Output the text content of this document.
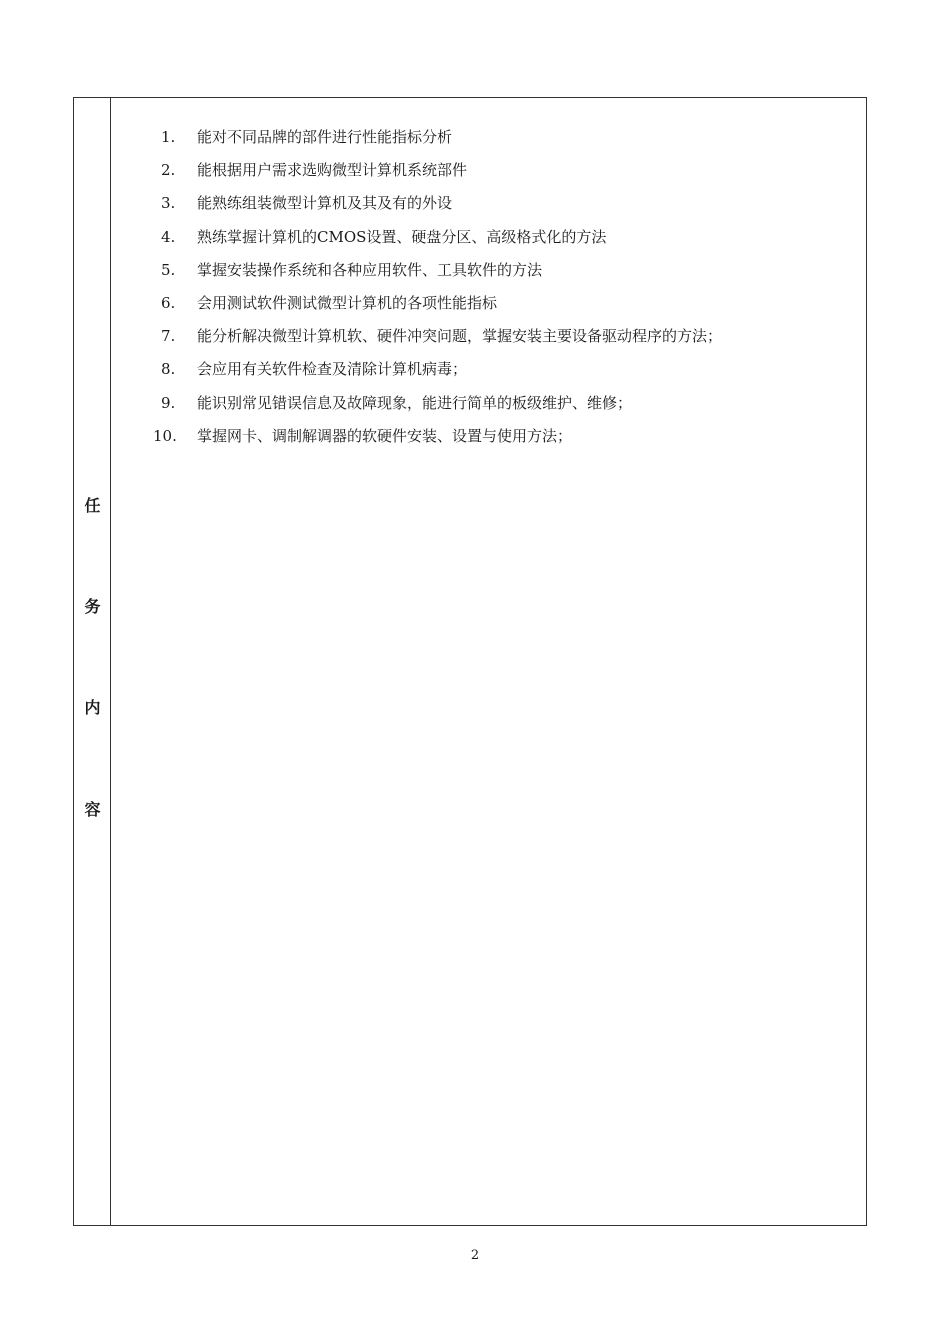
任
务
内
容
1.	能对不同品牌的部件进行性能指标分析
2.	能根据用户需求选购微型计算机系统部件
3.	能熟练组装微型计算机及其及有的外设
4.	熟练掌握计算机的CMOS设置、硬盘分区、高级格式化的方法
5.	掌握安装操作系统和各种应用软件、工具软件的方法
6.	会用测试软件测试微型计算机的各项性能指标
7.	能分析解决微型计算机软、硬件冲突问题，掌握安装主要设备驱动程序的方法；
8.	会应用有关软件检查及清除计算机病毒；
9.	能识别常见错误信息及故障现象，能进行简单的板级维护、维修；
10.	掌握网卡、调制解调器的软硬件安装、设置与使用方法；
2
